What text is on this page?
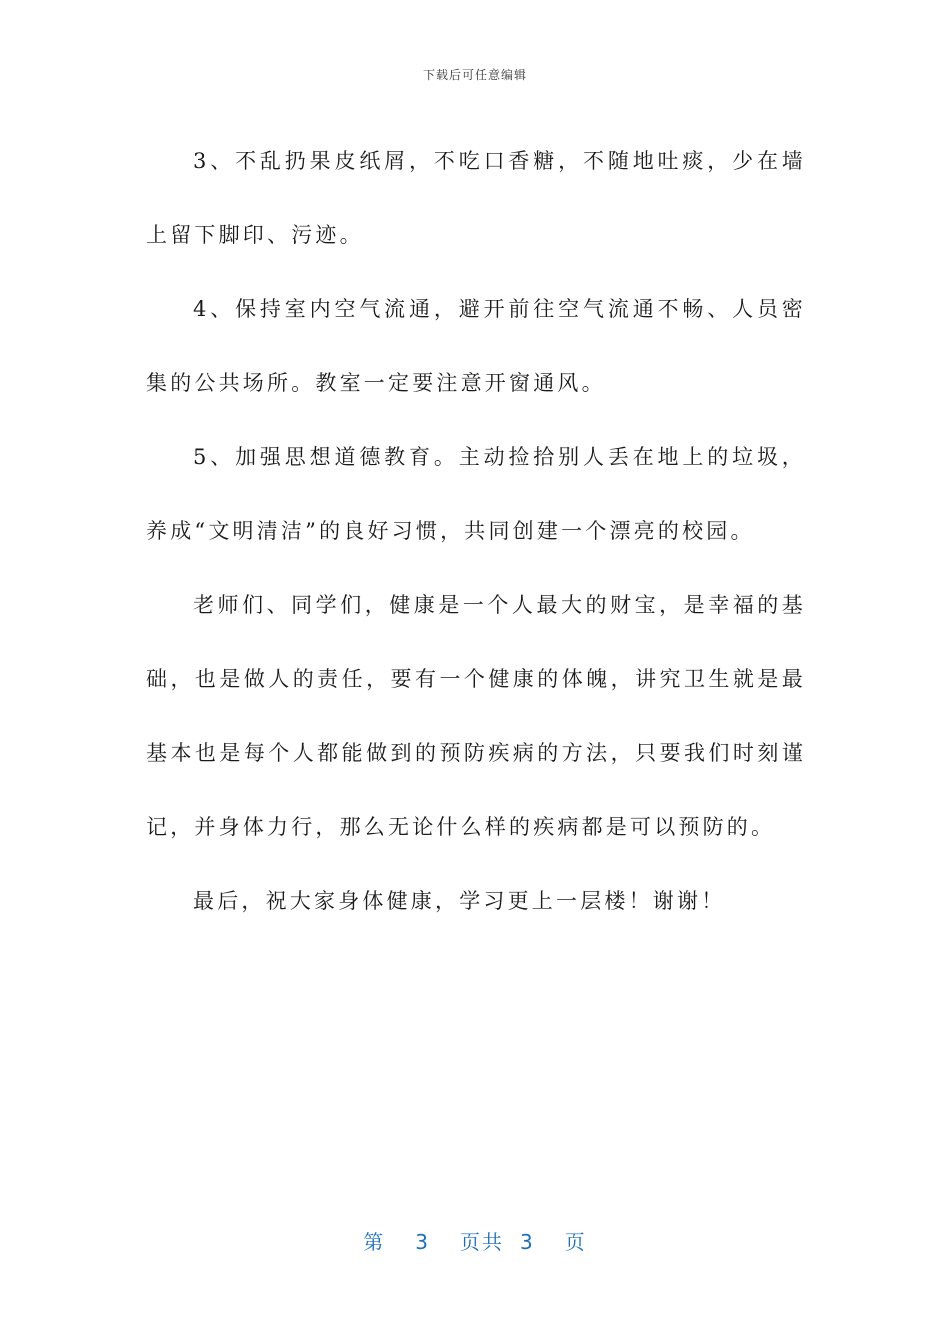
下载后可任意编辑

3、不乱扔果皮纸屑，不吃口香糖，不随地吐痰，少在墙上留下脚印、污迹。

4、保持室内空气流通，避开前往空气流通不畅、人员密集的公共场所。教室一定要注意开窗通风。

5、加强思想道德教育。主动捡拾别人丢在地上的垃圾，养成“文明清洁”的良好习惯，共同创建一个漂亮的校园。

老师们、同学们，健康是一个人最大的财宝，是幸福的基础，也是做人的责任，要有一个健康的体魄，讲究卫生就是最基本也是每个人都能做到的预防疾病的方法，只要我们时刻谨记，并身体力行，那么无论什么样的疾病都是可以预防的。

最后，祝大家身体健康，学习更上一层楼！谢谢！

第 3 页共 3 页
